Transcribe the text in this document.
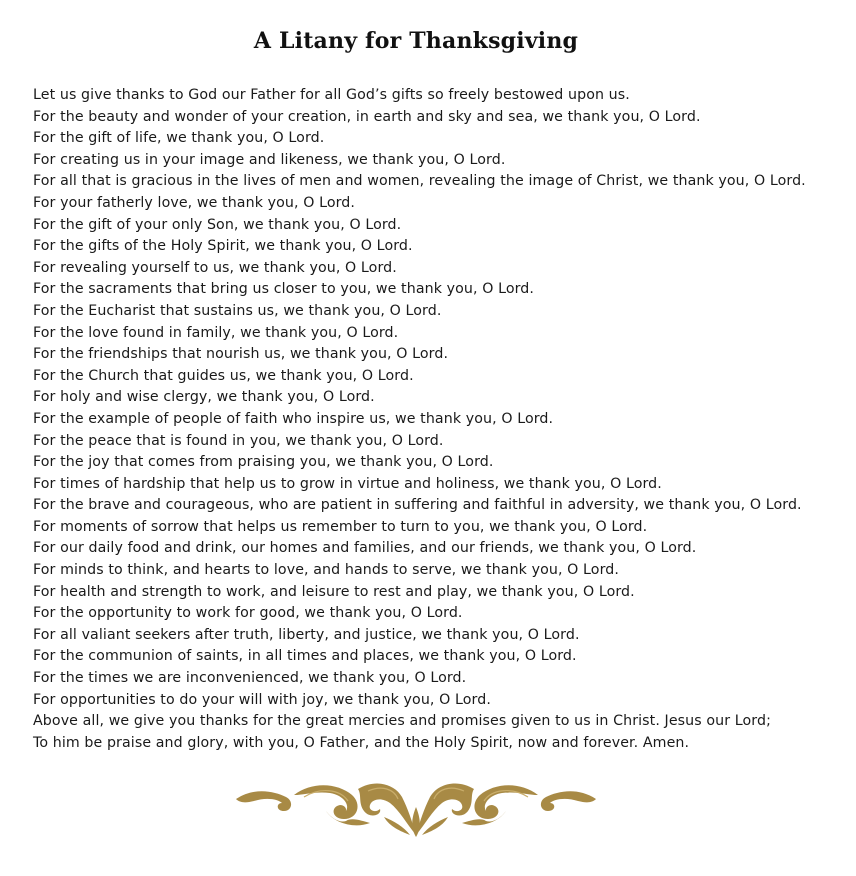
A Litany for Thanksgiving
Let us give thanks to God our Father for all God’s gifts so freely bestowed upon us.
For the beauty and wonder of your creation, in earth and sky and sea, we thank you, O Lord.
For the gift of life, we thank you, O Lord.
For creating us in your image and likeness, we thank you, O Lord.
For all that is gracious in the lives of men and women, revealing the image of Christ, we thank you, O Lord.
For your fatherly love, we thank you, O Lord.
For the gift of your only Son, we thank you, O Lord.
For the gifts of the Holy Spirit, we thank you, O Lord.
For revealing yourself to us, we thank you, O Lord.
For the sacraments that bring us closer to you, we thank you, O Lord.
For the Eucharist that sustains us, we thank you, O Lord.
For the love found in family, we thank you, O Lord.
For the friendships that nourish us, we thank you, O Lord.
For the Church that guides us, we thank you, O Lord.
For holy and wise clergy, we thank you, O Lord.
For the example of people of faith who inspire us, we thank you, O Lord.
For the peace that is found in you, we thank you, O Lord.
For the joy that comes from praising you, we thank you, O Lord.
For times of hardship that help us to grow in virtue and holiness, we thank you, O Lord.
For the brave and courageous, who are patient in suffering and faithful in adversity, we thank you, O Lord.
For moments of sorrow that helps us remember to turn to you, we thank you, O Lord.
For our daily food and drink, our homes and families, and our friends, we thank you, O Lord.
For minds to think, and hearts to love, and hands to serve, we thank you, O Lord.
For health and strength to work, and leisure to rest and play, we thank you, O Lord.
For the opportunity to work for good, we thank you, O Lord.
For all valiant seekers after truth, liberty, and justice, we thank you, O Lord.
For the communion of saints, in all times and places, we thank you, O Lord.
For the times we are inconvenienced, we thank you, O Lord.
For opportunities to do your will with joy, we thank you, O Lord.
Above all, we give you thanks for the great mercies and promises given to us in Christ. Jesus our Lord;
To him be praise and glory, with you, O Father, and the Holy Spirit, now and forever. Amen.
